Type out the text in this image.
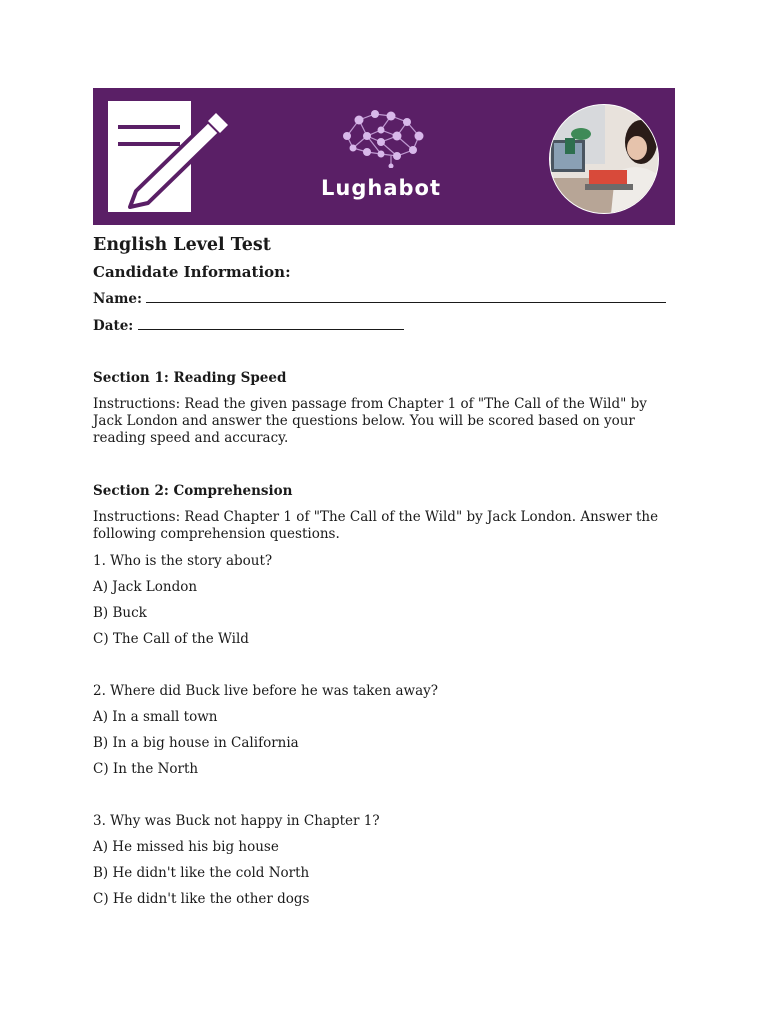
Lughabot
English Level Test
Candidate Information:
Name:
Date:
Section 1: Reading Speed
Instructions: Read the given passage from Chapter 1 of "The Call of the Wild" by Jack London and answer the questions below. You will be scored based on your reading speed and accuracy.
Section 2: Comprehension
Instructions: Read Chapter 1 of "The Call of the Wild" by Jack London. Answer the following comprehension questions.
1. Who is the story about?
A) Jack London
B) Buck
C) The Call of the Wild
2. Where did Buck live before he was taken away?
A) In a small town
B) In a big house in California
C) In the North
3. Why was Buck not happy in Chapter 1?
A) He missed his big house
B) He didn't like the cold North
C) He didn't like the other dogs
